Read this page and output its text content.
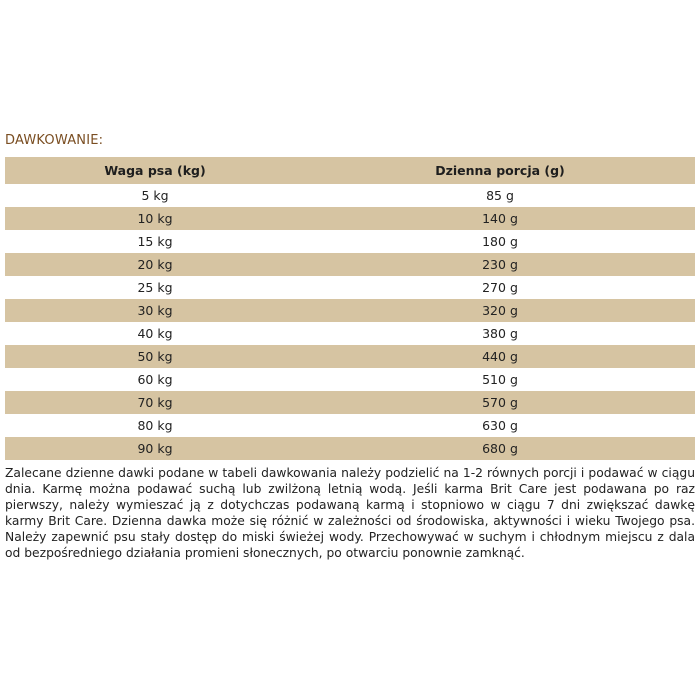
DAWKOWANIE:
Waga psa (kg)	Dzienna porcja (g)
5 kg	85 g
10 kg	140 g
15 kg	180 g
20 kg	230 g
25 kg	270 g
30 kg	320 g
40 kg	380 g
50 kg	440 g
60 kg	510 g
70 kg	570 g
80 kg	630 g
90 kg	680 g

Zalecane dzienne dawki podane w tabeli dawkowania należy podzielić na 1-2 równych porcji i podawać w ciągu dnia. Karmę można podawać suchą lub zwilżoną letnią wodą. Jeśli karma Brit Care jest podawana po raz pierwszy, należy wymieszać ją z dotychczas podawaną karmą i stopniowo w ciągu 7 dni zwiększać dawkę karmy Brit Care. Dzienna dawka może się różnić w zależności od środowiska, aktywności i wieku Twojego psa. Należy zapewnić psu stały dostęp do miski świeżej wody. Przechowywać w suchym i chłodnym miejscu z dala od bezpośredniego działania promieni słonecznych, po otwarciu ponownie zamknąć.
